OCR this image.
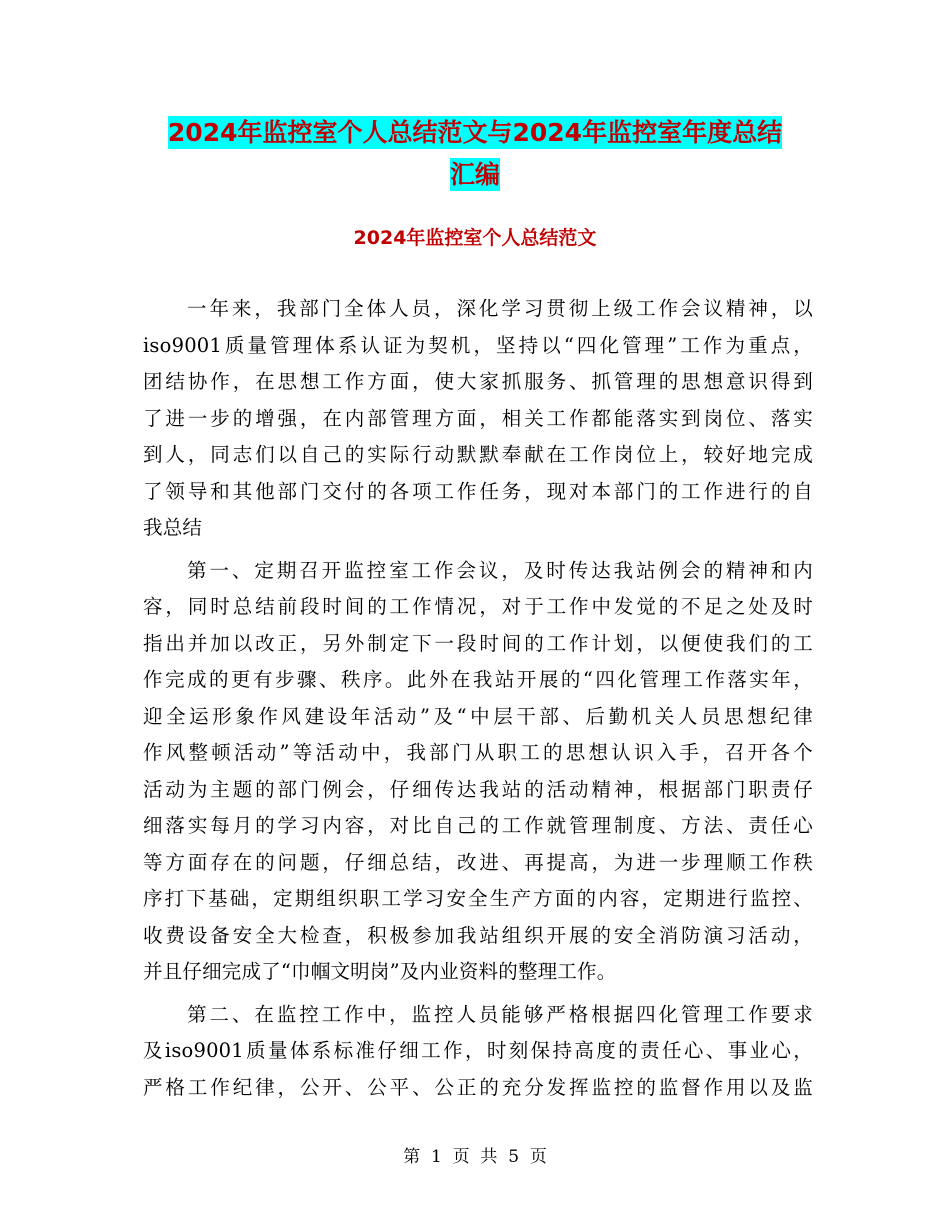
2024年监控室个人总结范文与2024年监控室年度总结
汇编
2024年监控室个人总结范文
一年来，我部门全体人员，深化学习贯彻上级工作会议精神，以
iso9001质量管理体系认证为契机，坚持以“四化管理”工作为重点，
团结协作，在思想工作方面，使大家抓服务、抓管理的思想意识得到
了进一步的增强，在内部管理方面，相关工作都能落实到岗位、落实
到人，同志们以自己的实际行动默默奉献在工作岗位上，较好地完成
了领导和其他部门交付的各项工作任务，现对本部门的工作进行的自
我总结
第一、定期召开监控室工作会议，及时传达我站例会的精神和内
容，同时总结前段时间的工作情况，对于工作中发觉的不足之处及时
指出并加以改正，另外制定下一段时间的工作计划，以便使我们的工
作完成的更有步骤、秩序。此外在我站开展的“四化管理工作落实年，
迎全运形象作风建设年活动”及“中层干部、后勤机关人员思想纪律
作风整顿活动”等活动中，我部门从职工的思想认识入手，召开各个
活动为主题的部门例会，仔细传达我站的活动精神，根据部门职责仔
细落实每月的学习内容，对比自己的工作就管理制度、方法、责任心
等方面存在的问题，仔细总结，改进、再提高，为进一步理顺工作秩
序打下基础，定期组织职工学习安全生产方面的内容，定期进行监控、
收费设备安全大检查，积极参加我站组织开展的安全消防演习活动，
并且仔细完成了“巾帼文明岗”及内业资料的整理工作。
第二、在监控工作中，监控人员能够严格根据四化管理工作要求
及iso9001质量体系标准仔细工作，时刻保持高度的责任心、事业心，
严格工作纪律，公开、公平、公正的充分发挥监控的监督作用以及监
第  1  页  共  5  页
